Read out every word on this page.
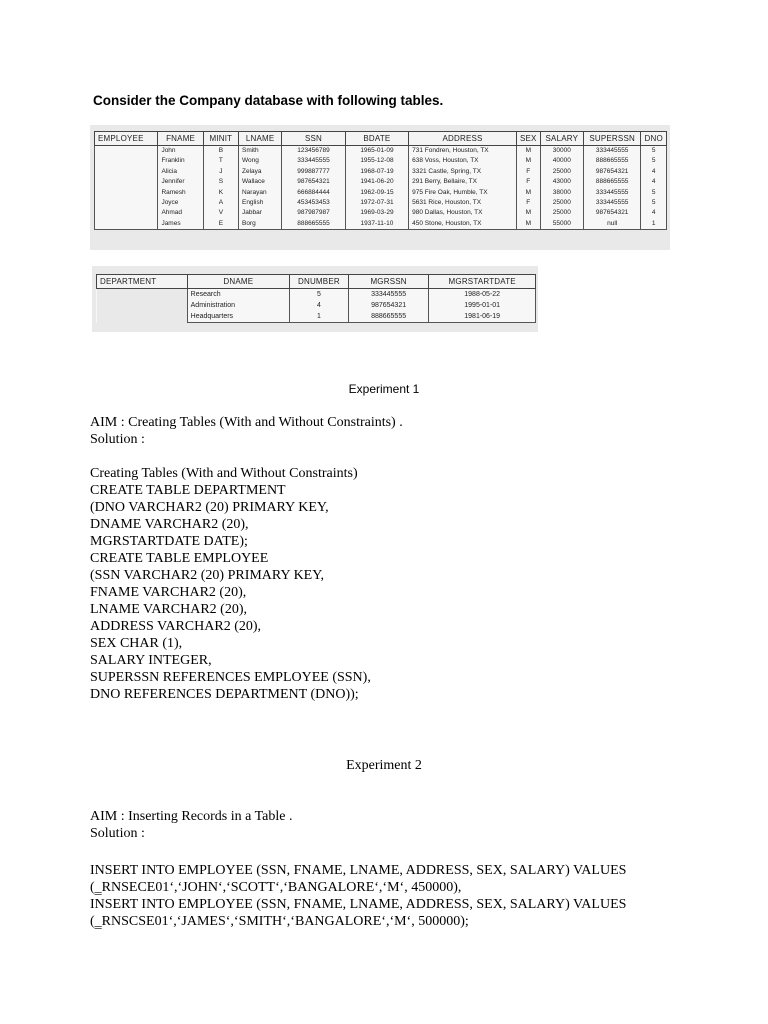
Consider the Company database with following tables.
EMPLOYEE	FNAME	MINIT	LNAME	SSN	BDATE	ADDRESS	SEX	SALARY	SUPERSSN	DNO
	John	B	Smith	123456789	1965-01-09	731 Fondren, Houston, TX	M	30000	333445555	5
	Franklin	T	Wong	333445555	1955-12-08	638 Voss, Houston, TX	M	40000	888665555	5
	Alicia	J	Zelaya	999887777	1968-07-19	3321 Castle, Spring, TX	F	25000	987654321	4
	Jennifer	S	Wallace	987654321	1941-06-20	291 Berry, Bellaire, TX	F	43000	888665555	4
	Ramesh	K	Narayan	666884444	1962-09-15	975 Fire Oak, Humble, TX	M	38000	333445555	5
	Joyce	A	English	453453453	1972-07-31	5631 Rice, Houston, TX	F	25000	333445555	5
	Ahmad	V	Jabbar	987987987	1969-03-29	980 Dallas, Houston, TX	M	25000	987654321	4
	James	E	Borg	888665555	1937-11-10	450 Stone, Houston, TX	M	55000	null	1
DEPARTMENT	DNAME	DNUMBER	MGRSSN	MGRSTARTDATE
	Research	5	333445555	1988-05-22
	Administration	4	987654321	1995-01-01
	Headquarters	1	888665555	1981-06-19
Experiment 1
AIM : Creating Tables (With and Without Constraints) .
Solution :
Creating Tables (With and Without Constraints)
CREATE TABLE DEPARTMENT
(DNO VARCHAR2 (20) PRIMARY KEY,
DNAME VARCHAR2 (20),
MGRSTARTDATE DATE);
CREATE TABLE EMPLOYEE
(SSN VARCHAR2 (20) PRIMARY KEY,
FNAME VARCHAR2 (20),
LNAME VARCHAR2 (20),
ADDRESS VARCHAR2 (20),
SEX CHAR (1),
SALARY INTEGER,
SUPERSSN REFERENCES EMPLOYEE (SSN),
DNO REFERENCES DEPARTMENT (DNO));
Experiment 2
AIM : Inserting Records in a Table .
Solution :
INSERT INTO EMPLOYEE (SSN, FNAME, LNAME, ADDRESS, SEX, SALARY) VALUES
(‗RNSECE01‘,‘JOHN‘,‘SCOTT‘,‘BANGALORE‘,‘M‘, 450000),
INSERT INTO EMPLOYEE (SSN, FNAME, LNAME, ADDRESS, SEX, SALARY) VALUES
(‗RNSCSE01‘,‘JAMES‘,‘SMITH‘,‘BANGALORE‘,‘M‘, 500000);
